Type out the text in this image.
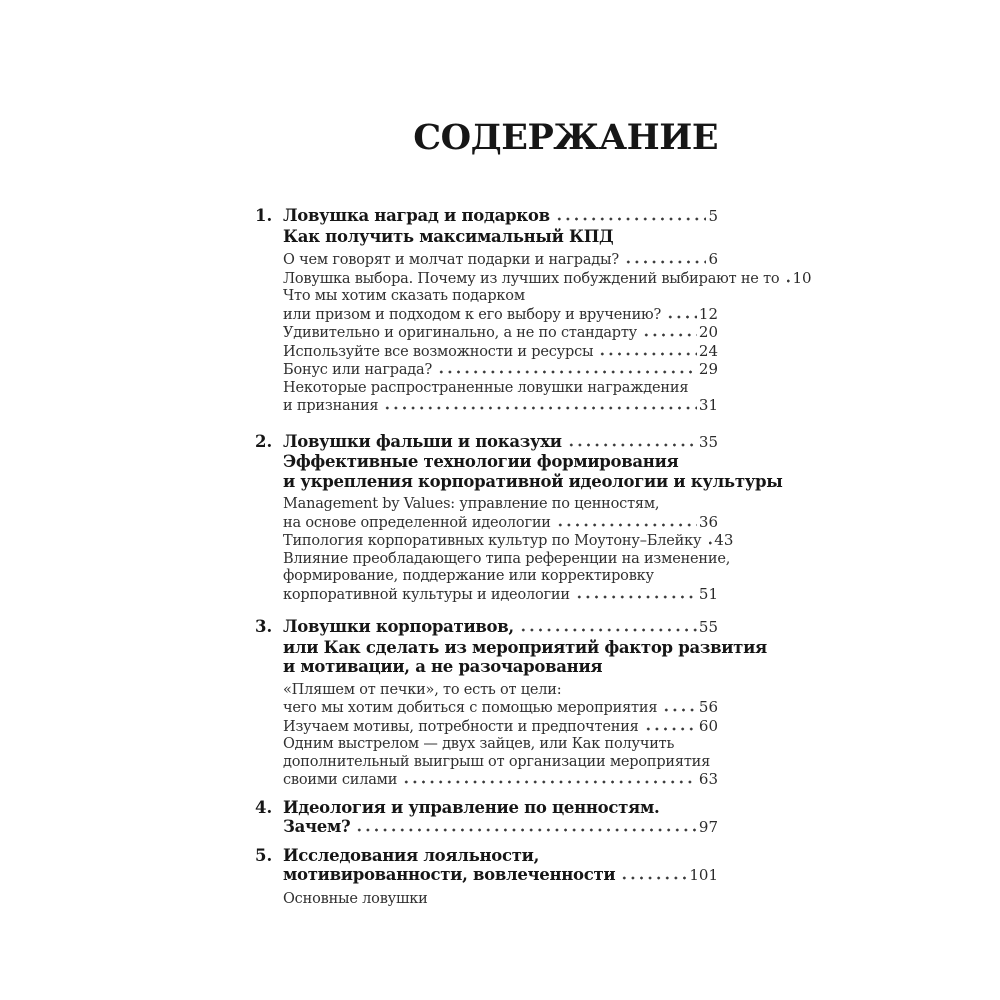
СОДЕРЖАНИЕ
1. Ловушка наград и подарков	5
Как получить максимальный КПД
О чем говорят и молчат подарки и награды?	6
Ловушка выбора. Почему из лучших побуждений выбирают не то 10
Что мы хотим сказать подарком
или призом и подходом к его выбору и вручению?	12
Удивительно и оригинально, а не по стандарту	20
Используйте все возможности и ресурсы	24
Бонус или награда?	29
Некоторые распространенные ловушки награждения
и признания	31
2. Ловушки фальши и показухи	35
Эффективные технологии формирования
и укрепления корпоративной идеологии и культуры
Management by Values: управление по ценностям,
на основе определенной идеологии	36
Типология корпоративных культур по Моутону–Блейку 43
Влияние преобладающего типа референции на изменение,
формирование, поддержание или корректировку
корпоративной культуры и идеологии	51
3. Ловушки корпоративов,	55
или Как сделать из мероприятий фактор развития
и мотивации, а не разочарования
«Пляшем от печки», то есть от цели:
чего мы хотим добиться с помощью мероприятия	56
Изучаем мотивы, потребности и предпочтения	60
Одним выстрелом — двух зайцев, или Как получить
дополнительный выигрыш от организации мероприятия
своими силами	63
4. Идеология и управление по ценностям.
Зачем?	97
5. Исследования лояльности,
мотивированности, вовлеченности	101
Основные ловушки
